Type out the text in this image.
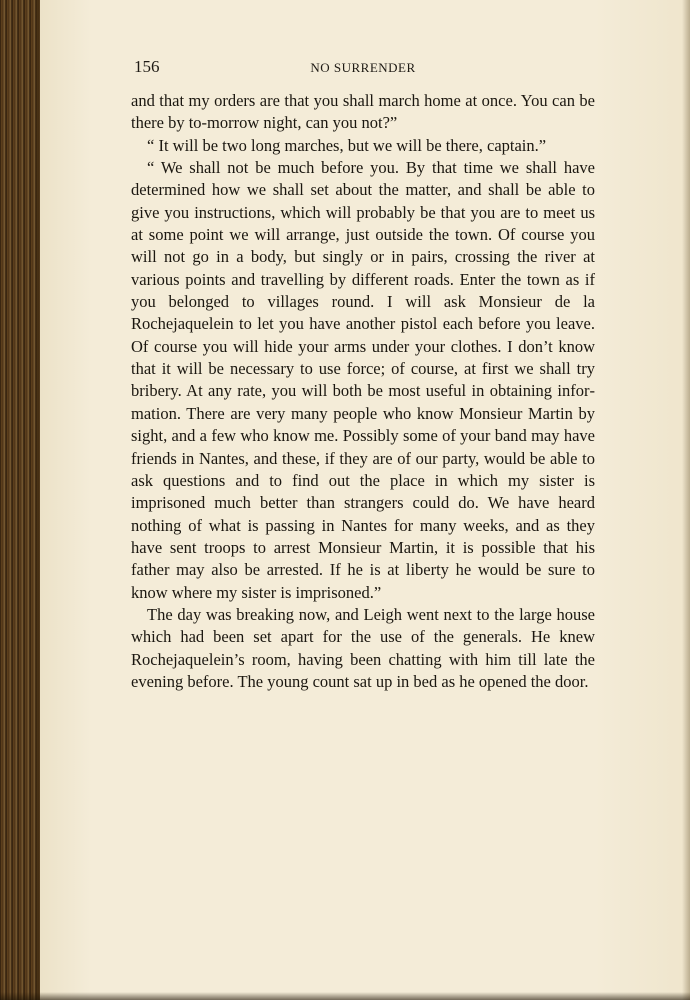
156	NO SURRENDER

and that my orders are that you shall march home at once. You can be there by to-morrow night, can you not?”

“ It will be two long marches, but we will be there, captain.”

“ We shall not be much before you. By that time we shall have determined how we shall set about the matter, and shall be able to give you instructions, which will probably be that you are to meet us at some point we will arrange, just outside the town. Of course you will not go in a body, but singly or in pairs, crossing the river at various points and travelling by different roads. Enter the town as if you belonged to villages round. I will ask Monsieur de la Rochejaquelein to let you have another pistol each before you leave. Of course you will hide your arms under your clothes. I don’t know that it will be necessary to use force; of course, at first we shall try bribery. At any rate, you will both be most useful in obtaining information. There are very many people who know Monsieur Martin by sight, and a few who know me. Possibly some of your band may have friends in Nantes, and these, if they are of our party, would be able to ask questions and to find out the place in which my sister is imprisoned much better than strangers could do. We have heard nothing of what is passing in Nantes for many weeks, and as they have sent troops to arrest Monsieur Martin, it is possible that his father may also be arrested. If he is at liberty he would be sure to know where my sister is imprisoned.”

The day was breaking now, and Leigh went next to the large house which had been set apart for the use of the generals. He knew Rochejaquelein’s room, having been chatting with him till late the evening before. The young count sat up in bed as he opened the door.
